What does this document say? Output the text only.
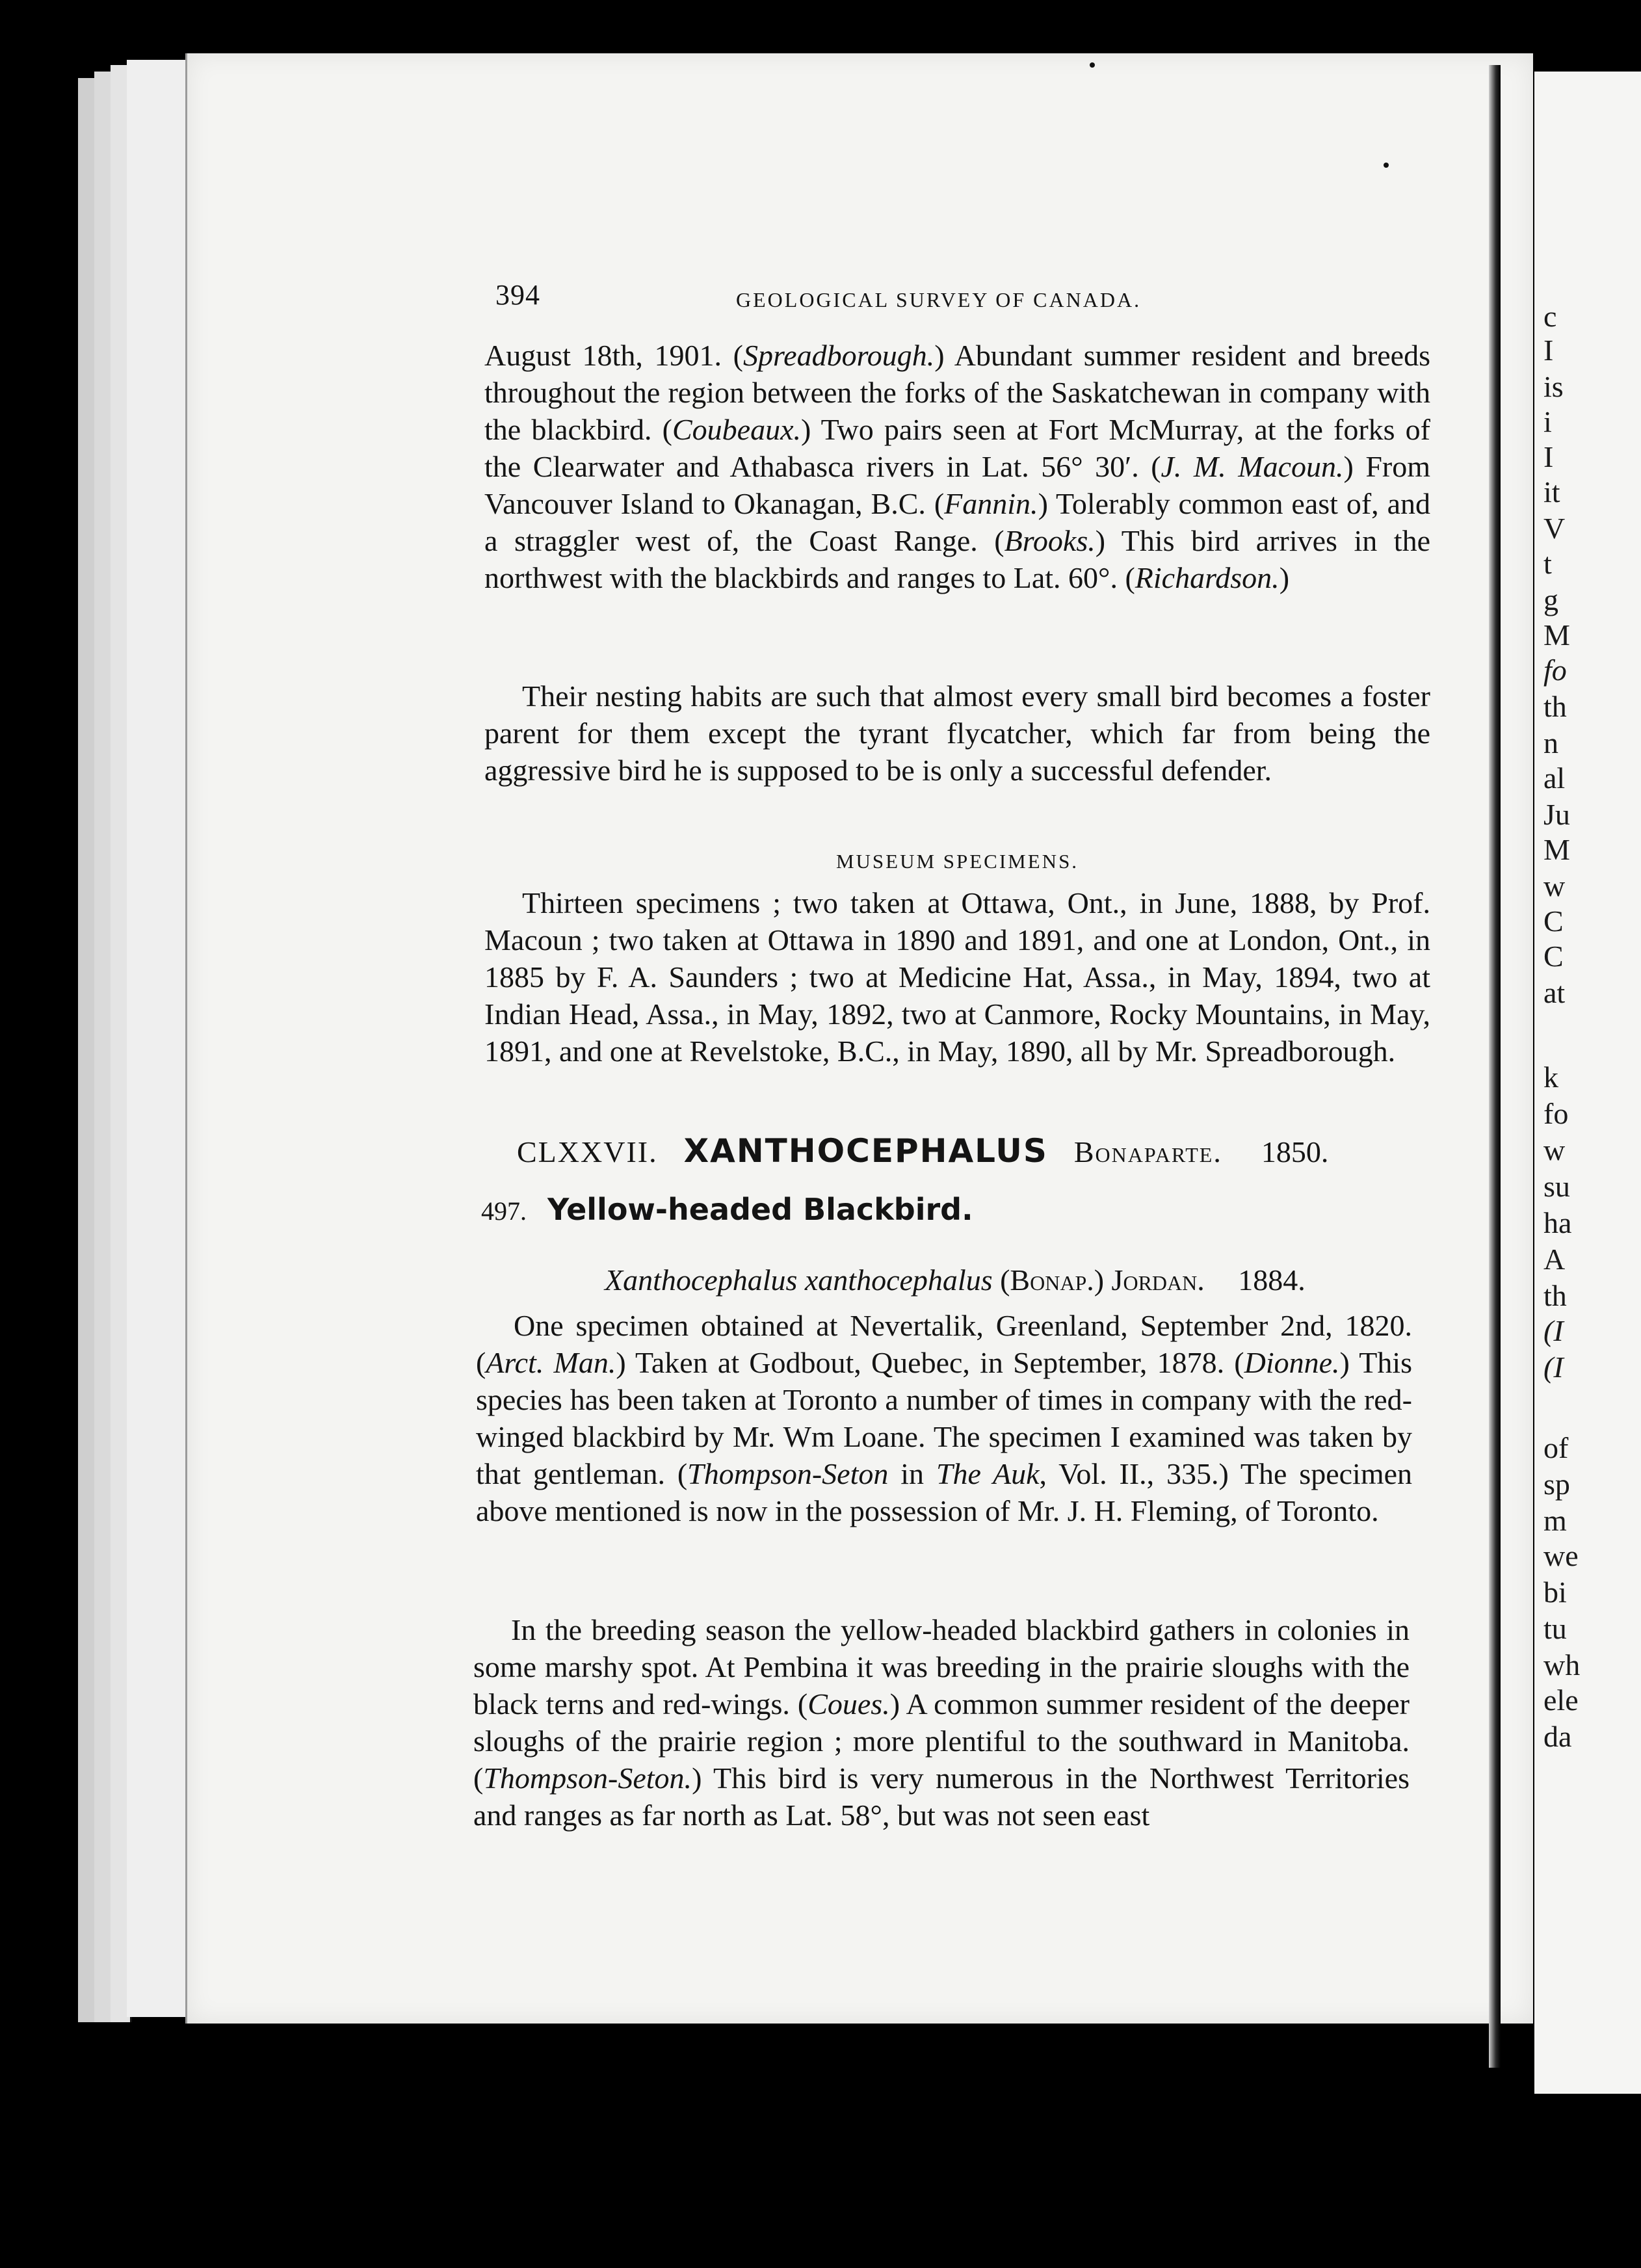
c
I
is
i
I
it
V
t
g
M
fo
th
n
al
Ju
M
w
C
C
at
k
fo
w
su
ha
A
th
(I
(I
of
sp
m
we
bi
tu
wh
ele
da
394	GEOLOGICAL SURVEY OF CANADA.

August 18th, 1901. (Spreadborough.) Abundant summer resident and breeds throughout the region between the forks of the Saskatchewan in company with the blackbird. (Coubeaux.) Two pairs seen at Fort McMurray, at the forks of the Clearwater and Athabasca rivers in Lat. 56° 30′. (J. M. Macoun.) From Vancouver Island to Okanagan, B.C. (Fannin.) Tolerably common east of, and a straggler west of, the Coast Range. (Brooks.) This bird arrives in the northwest with the blackbirds and ranges to Lat. 60°. (Richardson.)

Their nesting habits are such that almost every small bird becomes a foster parent for them except the tyrant flycatcher, which far from being the aggressive bird he is supposed to be is only a successful defender.

MUSEUM SPECIMENS.

Thirteen specimens ; two taken at Ottawa, Ont., in June, 1888, by Prof. Macoun ; two taken at Ottawa in 1890 and 1891, and one at London, Ont., in 1885 by F. A. Saunders ; two at Medicine Hat, Assa., in May, 1894, two at Indian Head, Assa., in May, 1892, two at Canmore, Rocky Mountains, in May, 1891, and one at Revelstoke, B.C., in May, 1890, all by Mr. Spreadborough.

CLXXVII. XANTHOCEPHALUS Bonaparte. 1850.
497. Yellow-headed Blackbird.
Xanthocephalus xanthocephalus (Bonap.) Jordan. 1884.

One specimen obtained at Nevertalik, Greenland, September 2nd, 1820. (Arct. Man.) Taken at Godbout, Quebec, in September, 1878. (Dionne.) This species has been taken at Toronto a number of times in company with the red-winged blackbird by Mr. Wm Loane. The specimen I examined was taken by that gentleman. (Thompson-Seton in The Auk, Vol. II., 335.) The specimen above mentioned is now in the possession of Mr. J. H. Fleming, of Toronto.

In the breeding season the yellow-headed blackbird gathers in colonies in some marshy spot. At Pembina it was breeding in the prairie sloughs with the black terns and red-wings. (Coues.) A common summer resident of the deeper sloughs of the prairie region ; more plentiful to the southward in Manitoba. (Thompson-Seton.) This bird is very numerous in the Northwest Territories and ranges as far north as Lat. 58°, but was not seen east
